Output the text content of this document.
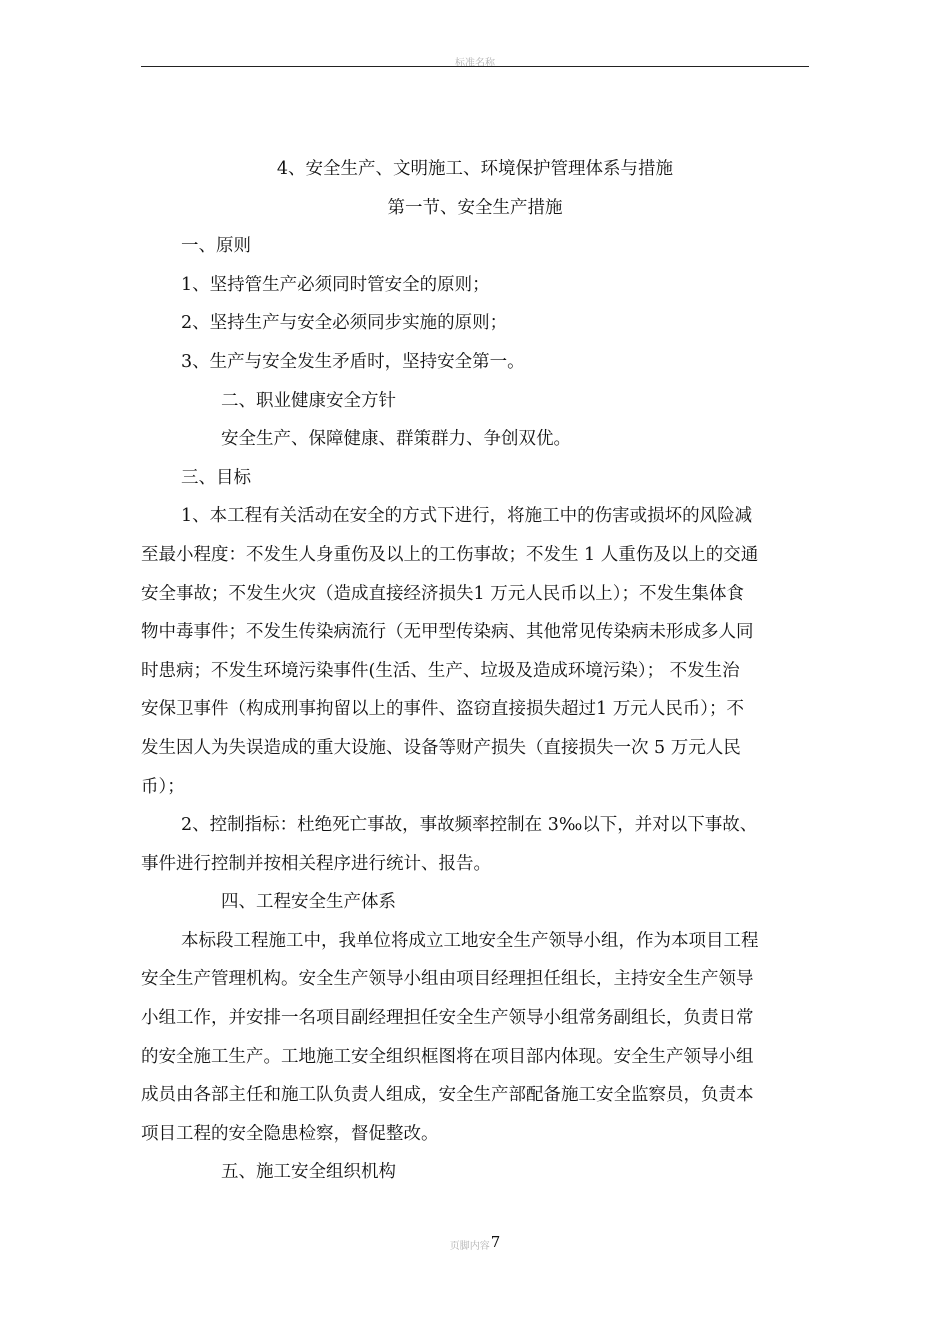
标准名称

4、安全生产、文明施工、环境保护管理体系与措施

第一节、安全生产措施

一、原则

1、坚持管生产必须同时管安全的原则；

2、坚持生产与安全必须同步实施的原则；

3、生产与安全发生矛盾时，坚持安全第一。

二、职业健康安全方针

安全生产、保障健康、群策群力、争创双优。

三、目标

1、本工程有关活动在安全的方式下进行，将施工中的伤害或损坏的风险减

至最小程度：不发生人身重伤及以上的工伤事故；不发生 1 人重伤及以上的交通

安全事故；不发生火灾（造成直接经济损失1 万元人民币以上）；不发生集体食

物中毒事件；不发生传染病流行（无甲型传染病、其他常见传染病未形成多人同

时患病；不发生环境污染事件(生活、生产、垃圾及造成环境污染）； 不发生治

安保卫事件（构成刑事拘留以上的事件、盗窃直接损失超过1 万元人民币）；不

发生因人为失误造成的重大设施、设备等财产损失（直接损失一次 5 万元人民

币）；

2、控制指标：杜绝死亡事故，事故频率控制在 3‰以下，并对以下事故、

事件进行控制并按相关程序进行统计、报告。

四、工程安全生产体系

本标段工程施工中，我单位将成立工地安全生产领导小组，作为本项目工程

安全生产管理机构。安全生产领导小组由项目经理担任组长，主持安全生产领导

小组工作，并安排一名项目副经理担任安全生产领导小组常务副组长，负责日常

的安全施工生产。工地施工安全组织框图将在项目部内体现。安全生产领导小组

成员由各部主任和施工队负责人组成，安全生产部配备施工安全监察员，负责本

项目工程的安全隐患检察，督促整改。

五、施工安全组织机构

页脚内容7
